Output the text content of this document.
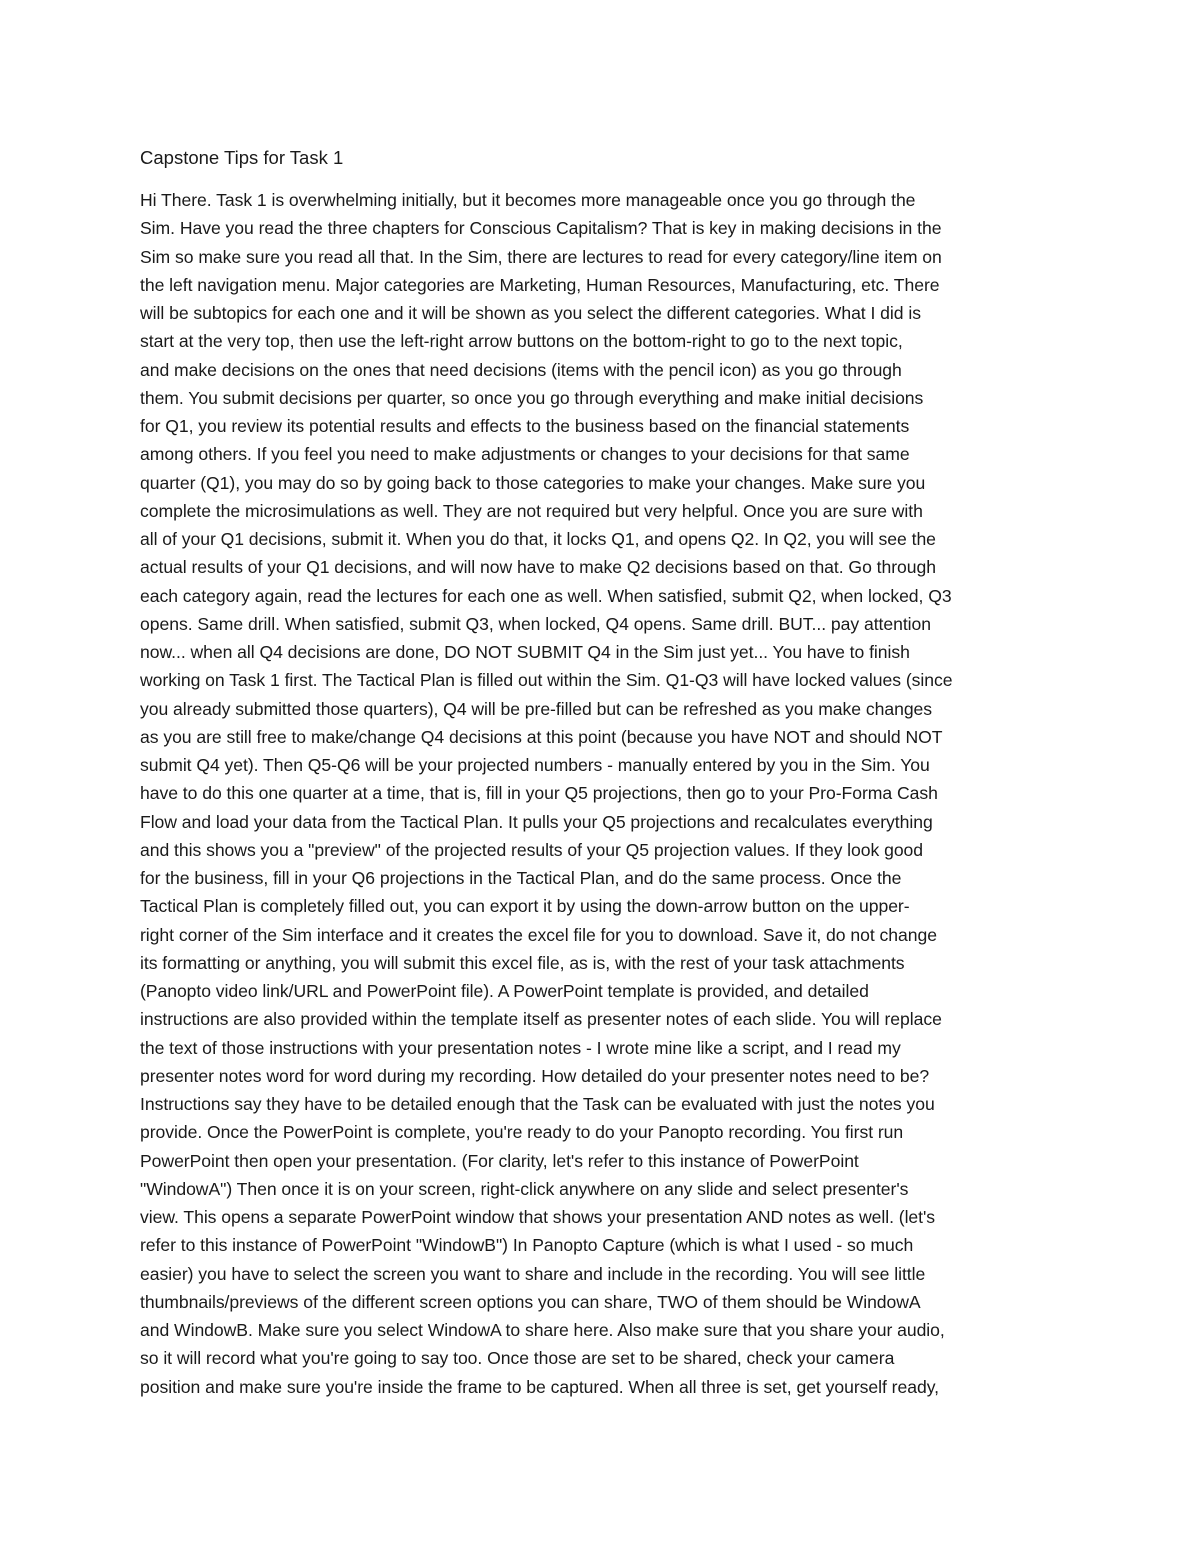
Capstone Tips for Task 1

Hi There. Task 1 is overwhelming initially, but it becomes more manageable once you go through the
Sim. Have you read the three chapters for Conscious Capitalism? That is key in making decisions in the
Sim so make sure you read all that. In the Sim, there are lectures to read for every category/line item on
the left navigation menu. Major categories are Marketing, Human Resources, Manufacturing, etc. There
will be subtopics for each one and it will be shown as you select the different categories. What I did is
start at the very top, then use the left-right arrow buttons on the bottom-right to go to the next topic,
and make decisions on the ones that need decisions (items with the pencil icon) as you go through
them. You submit decisions per quarter, so once you go through everything and make initial decisions
for Q1, you review its potential results and effects to the business based on the financial statements
among others. If you feel you need to make adjustments or changes to your decisions for that same
quarter (Q1), you may do so by going back to those categories to make your changes. Make sure you
complete the microsimulations as well. They are not required but very helpful. Once you are sure with
all of your Q1 decisions, submit it. When you do that, it locks Q1, and opens Q2. In Q2, you will see the
actual results of your Q1 decisions, and will now have to make Q2 decisions based on that. Go through
each category again, read the lectures for each one as well. When satisfied, submit Q2, when locked, Q3
opens. Same drill. When satisfied, submit Q3, when locked, Q4 opens. Same drill. BUT... pay attention
now... when all Q4 decisions are done, DO NOT SUBMIT Q4 in the Sim just yet... You have to finish
working on Task 1 first. The Tactical Plan is filled out within the Sim. Q1-Q3 will have locked values (since
you already submitted those quarters), Q4 will be pre-filled but can be refreshed as you make changes
as you are still free to make/change Q4 decisions at this point (because you have NOT and should NOT
submit Q4 yet). Then Q5-Q6 will be your projected numbers - manually entered by you in the Sim. You
have to do this one quarter at a time, that is, fill in your Q5 projections, then go to your Pro-Forma Cash
Flow and load your data from the Tactical Plan. It pulls your Q5 projections and recalculates everything
and this shows you a "preview" of the projected results of your Q5 projection values. If they look good
for the business, fill in your Q6 projections in the Tactical Plan, and do the same process. Once the
Tactical Plan is completely filled out, you can export it by using the down-arrow button on the upper-
right corner of the Sim interface and it creates the excel file for you to download. Save it, do not change
its formatting or anything, you will submit this excel file, as is, with the rest of your task attachments
(Panopto video link/URL and PowerPoint file). A PowerPoint template is provided, and detailed
instructions are also provided within the template itself as presenter notes of each slide. You will replace
the text of those instructions with your presentation notes - I wrote mine like a script, and I read my
presenter notes word for word during my recording. How detailed do your presenter notes need to be?
Instructions say they have to be detailed enough that the Task can be evaluated with just the notes you
provide. Once the PowerPoint is complete, you're ready to do your Panopto recording. You first run
PowerPoint then open your presentation. (For clarity, let's refer to this instance of PowerPoint
"WindowA") Then once it is on your screen, right-click anywhere on any slide and select presenter's
view. This opens a separate PowerPoint window that shows your presentation AND notes as well. (let's
refer to this instance of PowerPoint "WindowB") In Panopto Capture (which is what I used - so much
easier) you have to select the screen you want to share and include in the recording. You will see little
thumbnails/previews of the different screen options you can share, TWO of them should be WindowA
and WindowB. Make sure you select WindowA to share here. Also make sure that you share your audio,
so it will record what you're going to say too. Once those are set to be shared, check your camera
position and make sure you're inside the frame to be captured. When all three is set, get yourself ready,
